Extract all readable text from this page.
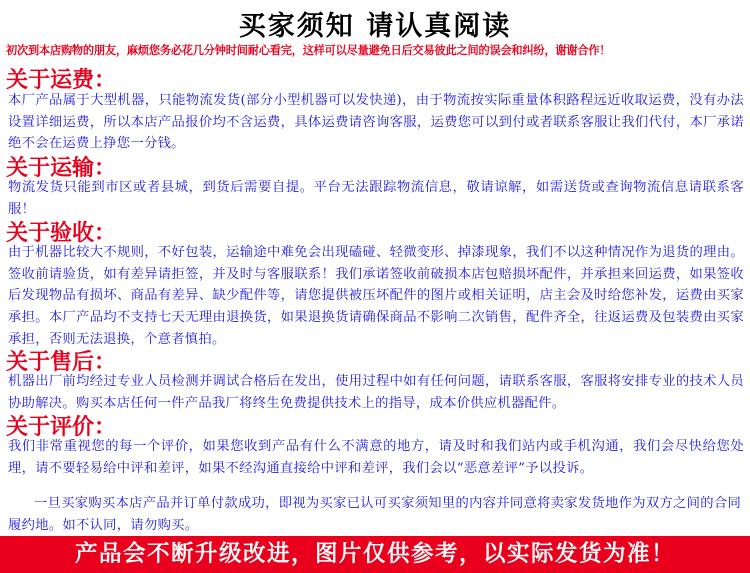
买家须知 请认真阅读
初次到本店购物的朋友，麻烦您务必花几分钟时间耐心看完，这样可以尽量避免日后交易彼此之间的误会和纠纷，谢谢合作！
关于运费：
本厂产品属于大型机器，只能物流发货(部分小型机器可以发快递)，由于物流按实际重量体积路程远近收取运费，没有办法设置详细运费，所以本店产品报价均不含运费，具体运费请咨询客服，运费您可以到付或者联系客服让我们代付，本厂承诺绝不会在运费上挣您一分钱。
关于运输：
物流发货只能到市区或者县城，到货后需要自提。平台无法跟踪物流信息，敬请谅解，如需送货或查询物流信息请联系客服！
关于验收：
由于机器比较大不规则，不好包装，运输途中难免会出现磕碰、轻微变形、掉漆现象，我们不以这种情况作为退货的理由。签收前请验货，如有差异请拒签，并及时与客服联系！我们承诺签收前破损本店包赔损坏配件，并承担来回运费，如果签收后发现物品有损坏、商品有差异、缺少配件等，请您提供被压坏配件的图片或相关证明，店主会及时给您补发，运费由买家承担。本厂产品均不支持七天无理由退换货，如果退换货请确保商品不影响二次销售，配件齐全，往返运费及包装费由买家承担，否则无法退换，个意者慎拍。
关于售后：
机器出厂前均经过专业人员检测并调试合格后在发出，使用过程中如有任何问题，请联系客服，客服将安排专业的技术人员协助解决。购买本店任何一件产品我厂将终生免费提供技术上的指导，成本价供应机器配件。
关于评价：
我们非常重视您的每一个评价，如果您收到产品有什么不满意的地方，请及时和我们站内或手机沟通，我们会尽快给您处理，请不要轻易给中评和差评，如果不经沟通直接给中评和差评，我们会以“恶意差评”予以投诉。
一旦买家购买本店产品并订单付款成功，即视为买家已认可买家须知里的内容并同意将卖家发货地作为双方之间的合同履约地。如不认同，请勿购买。
产品会不断升级改进，图片仅供参考，以实际发货为准！
